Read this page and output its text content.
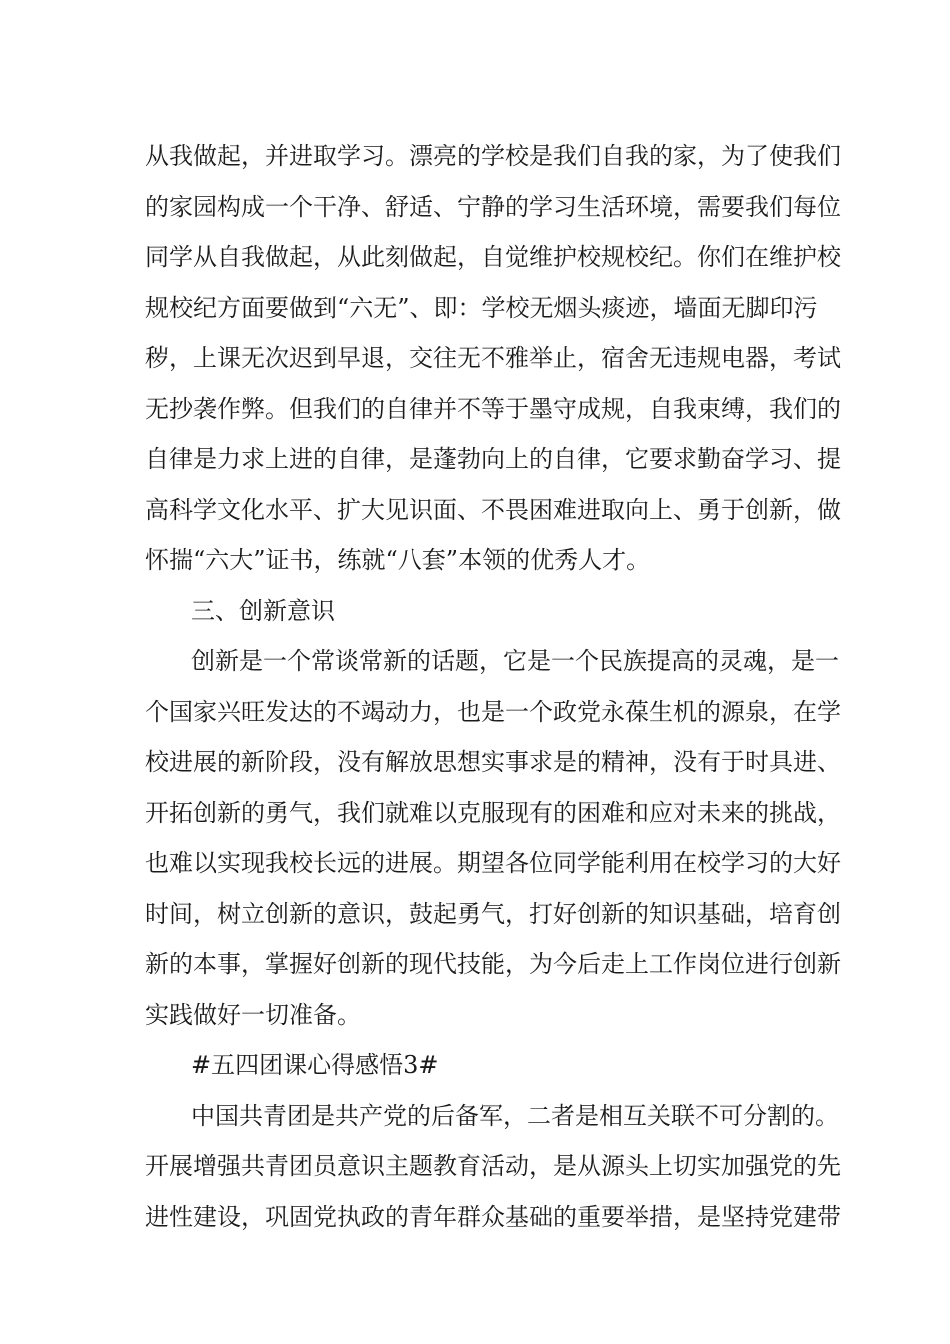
从我做起，并进取学习。漂亮的学校是我们自我的家，为了使我们
的家园构成一个干净、舒适、宁静的学习生活环境，需要我们每位
同学从自我做起，从此刻做起，自觉维护校规校纪。你们在维护校
规校纪方面要做到“六无”、即：学校无烟头痰迹，墙面无脚印污
秽，上课无次迟到早退，交往无不雅举止，宿舍无违规电器，考试
无抄袭作弊。但我们的自律并不等于墨守成规，自我束缚，我们的
自律是力求上进的自律，是蓬勃向上的自律，它要求勤奋学习、提
高科学文化水平、扩大见识面、不畏困难进取向上、勇于创新，做
怀揣“六大”证书，练就“八套”本领的优秀人才。
三、创新意识
创新是一个常谈常新的话题，它是一个民族提高的灵魂，是一
个国家兴旺发达的不竭动力，也是一个政党永葆生机的源泉，在学
校进展的新阶段，没有解放思想实事求是的精神，没有于时具进、
开拓创新的勇气，我们就难以克服现有的困难和应对未来的挑战，
也难以实现我校长远的进展。期望各位同学能利用在校学习的大好
时间，树立创新的意识，鼓起勇气，打好创新的知识基础，培育创
新的本事，掌握好创新的现代技能，为今后走上工作岗位进行创新
实践做好一切准备。
#五四团课心得感悟3#
中国共青团是共产党的后备军，二者是相互关联不可分割的。
开展增强共青团员意识主题教育活动，是从源头上切实加强党的先
进性建设，巩固党执政的青年群众基础的重要举措，是坚持党建带
